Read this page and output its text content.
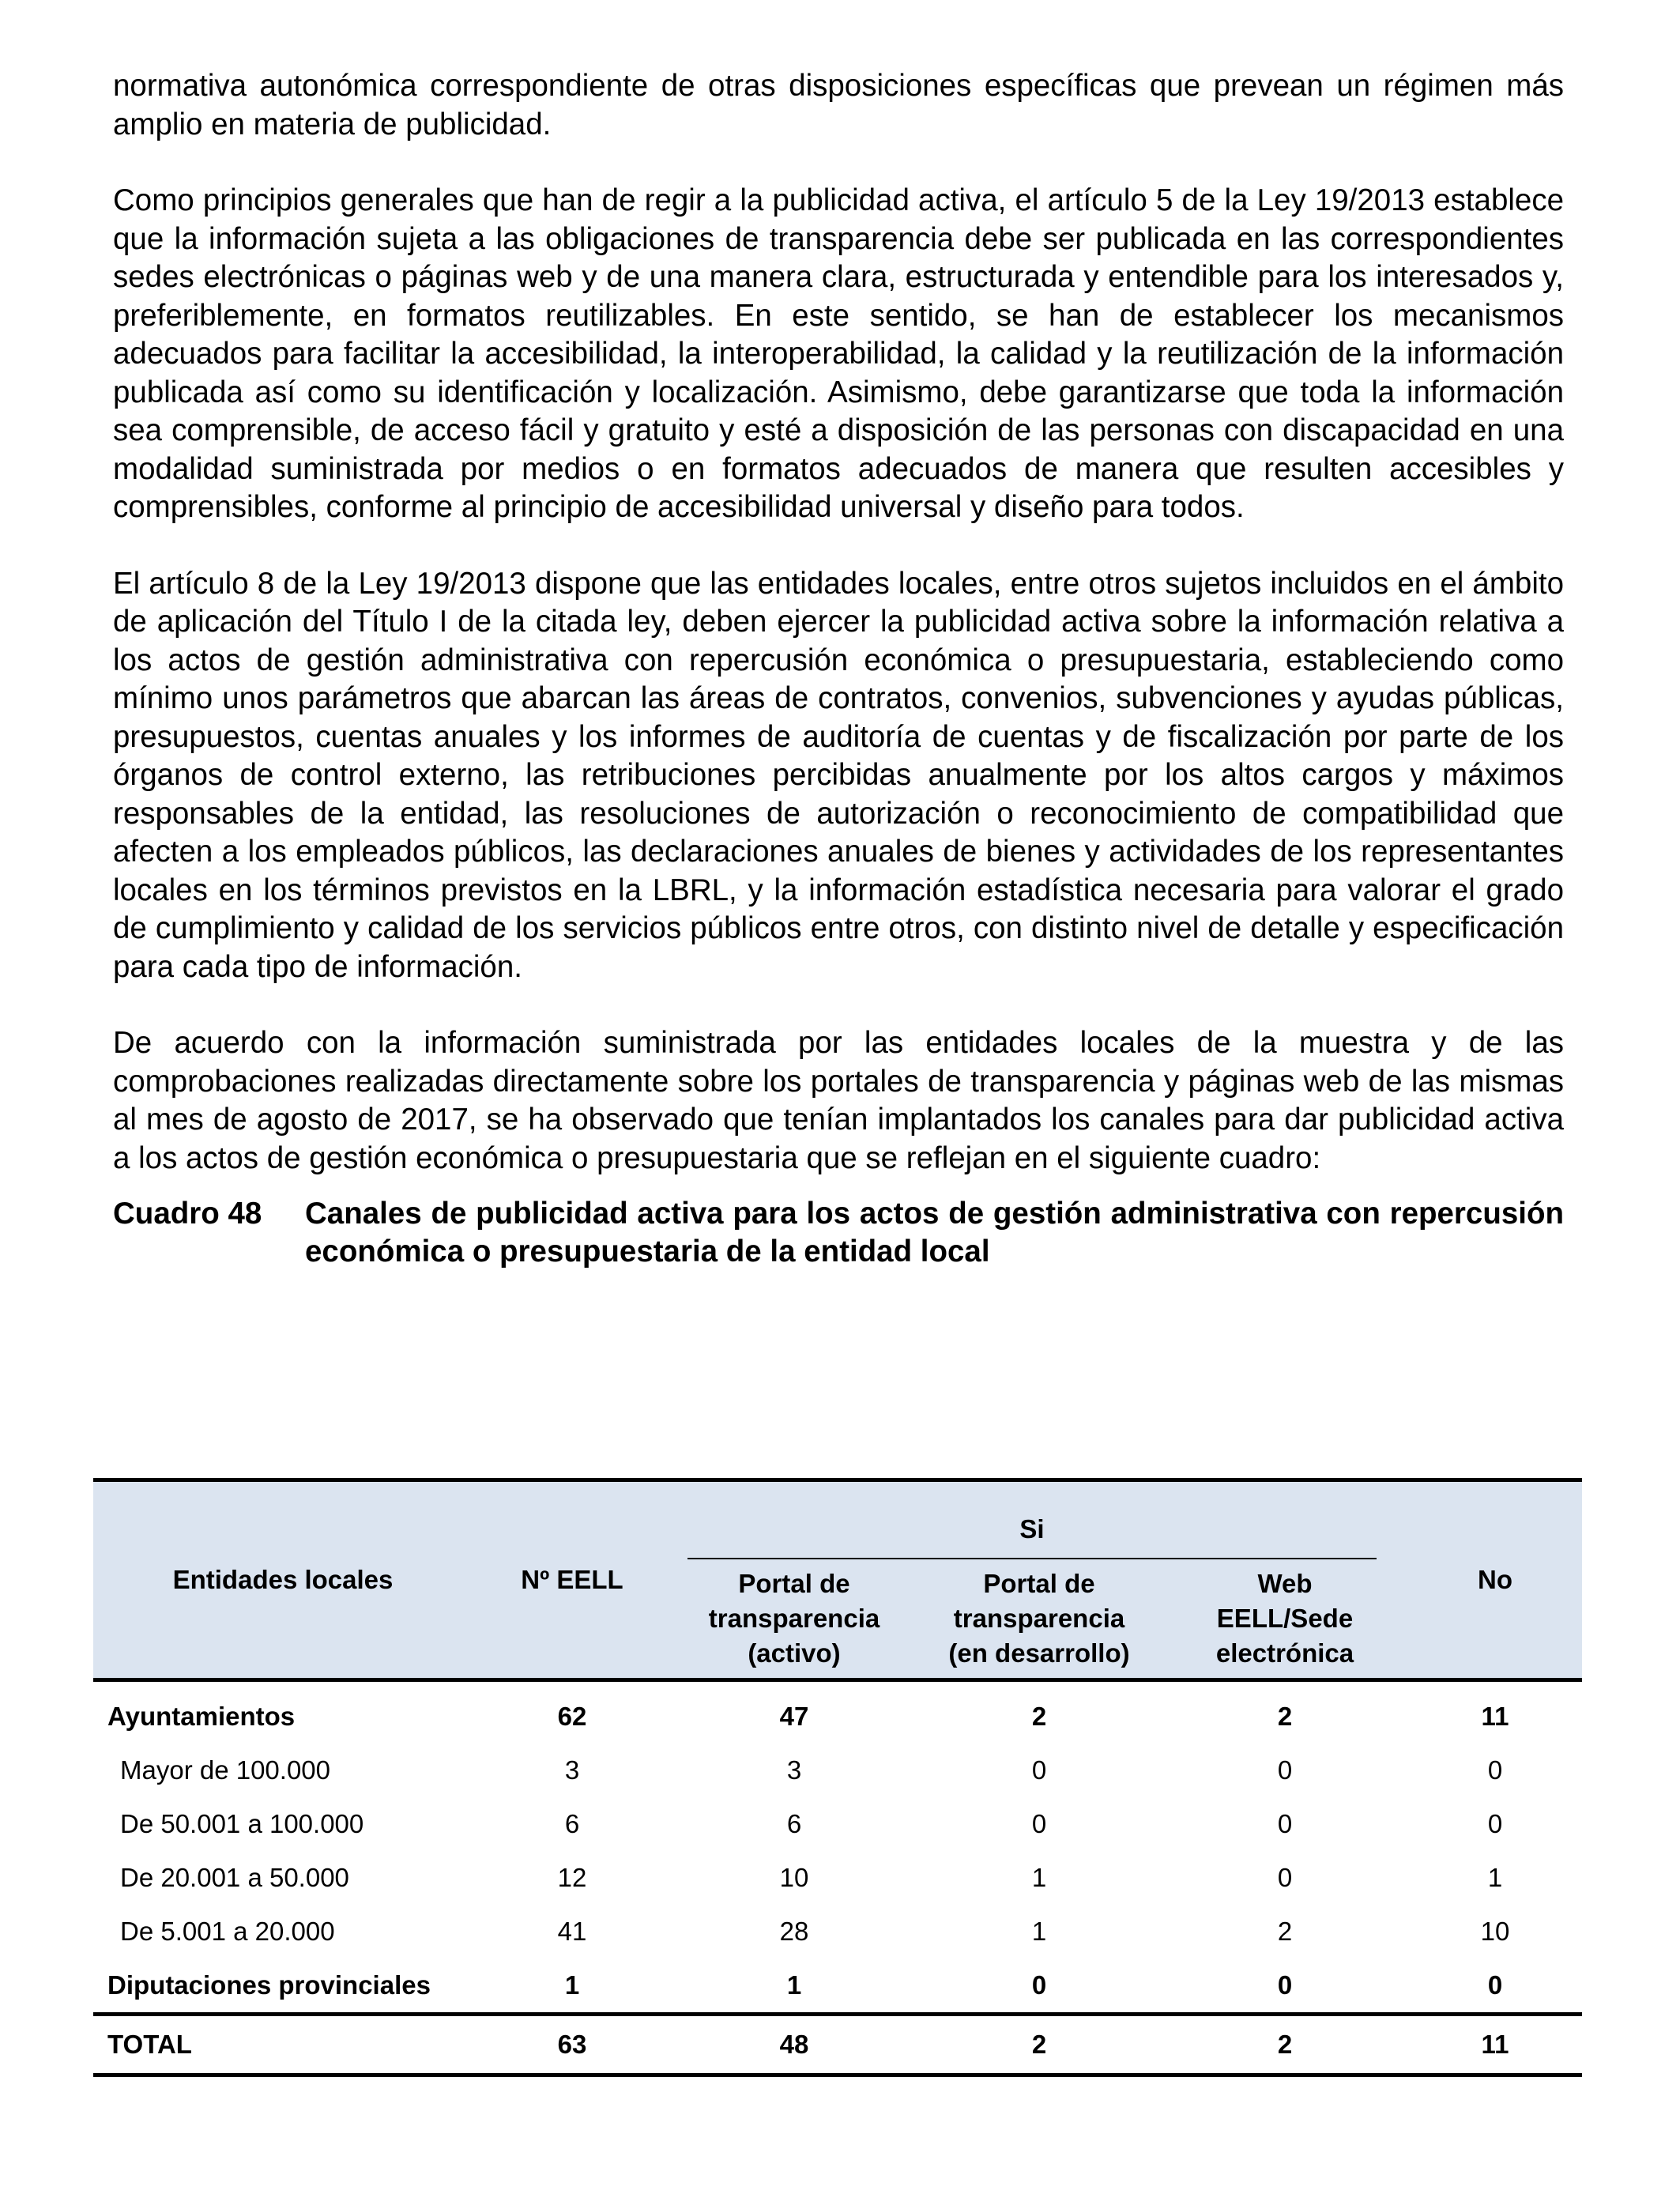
normativa autonómica correspondiente de otras disposiciones específicas que prevean un régimen más amplio en materia de publicidad.

Como principios generales que han de regir a la publicidad activa, el artículo 5 de la Ley 19/2013 establece que la información sujeta a las obligaciones de transparencia debe ser publicada en las correspondientes sedes electrónicas o páginas web y de una manera clara, estructurada y entendible para los interesados y, preferiblemente, en formatos reutilizables. En este sentido, se han de establecer los mecanismos adecuados para facilitar la accesibilidad, la interoperabilidad, la calidad y la reutilización de la información publicada así como su identificación y localización. Asimismo, debe garantizarse que toda la información sea comprensible, de acceso fácil y gratuito y esté a disposición de las personas con discapacidad en una modalidad suministrada por medios o en formatos adecuados de manera que resulten accesibles y comprensibles, conforme al principio de accesibilidad universal y diseño para todos.

El artículo 8 de la Ley 19/2013 dispone que las entidades locales, entre otros sujetos incluidos en el ámbito de aplicación del Título I de la citada ley, deben ejercer la publicidad activa sobre la información relativa a los actos de gestión administrativa con repercusión económica o presupuestaria, estableciendo como mínimo unos parámetros que abarcan las áreas de contratos, convenios, subvenciones y ayudas públicas, presupuestos, cuentas anuales y los informes de auditoría de cuentas y de fiscalización por parte de los órganos de control externo, las retribuciones percibidas anualmente por los altos cargos y máximos responsables de la entidad, las resoluciones de autorización o reconocimiento de compatibilidad que afecten a los empleados públicos, las declaraciones anuales de bienes y actividades de los representantes locales en los términos previstos en la LBRL, y la información estadística necesaria para valorar el grado de cumplimiento y calidad de los servicios públicos entre otros, con distinto nivel de detalle y especificación para cada tipo de información.

De acuerdo con la información suministrada por las entidades locales de la muestra y de las comprobaciones realizadas directamente sobre los portales de transparencia y páginas web de las mismas al mes de agosto de 2017, se ha observado que tenían implantados los canales para dar publicidad activa a los actos de gestión económica o presupuestaria que se reflejan en el siguiente cuadro:

Cuadro 48	Canales de publicidad activa para los actos de gestión administrativa con repercusión económica o presupuestaria de la entidad local
Entidades locales	Nº EELL	Si			No
		Portal de transparencia (activo)	Portal de transparencia (en desarrollo)	Web EELL/Sede electrónica	
Ayuntamientos	62	47	2	2	11
Mayor de 100.000	3	3	0	0	0
De 50.001 a 100.000	6	6	0	0	0
De 20.001 a 50.000	12	10	1	0	1
De 5.001 a 20.000	41	28	1	2	10
Diputaciones provinciales	1	1	0	0	0
TOTAL	63	48	2	2	11
